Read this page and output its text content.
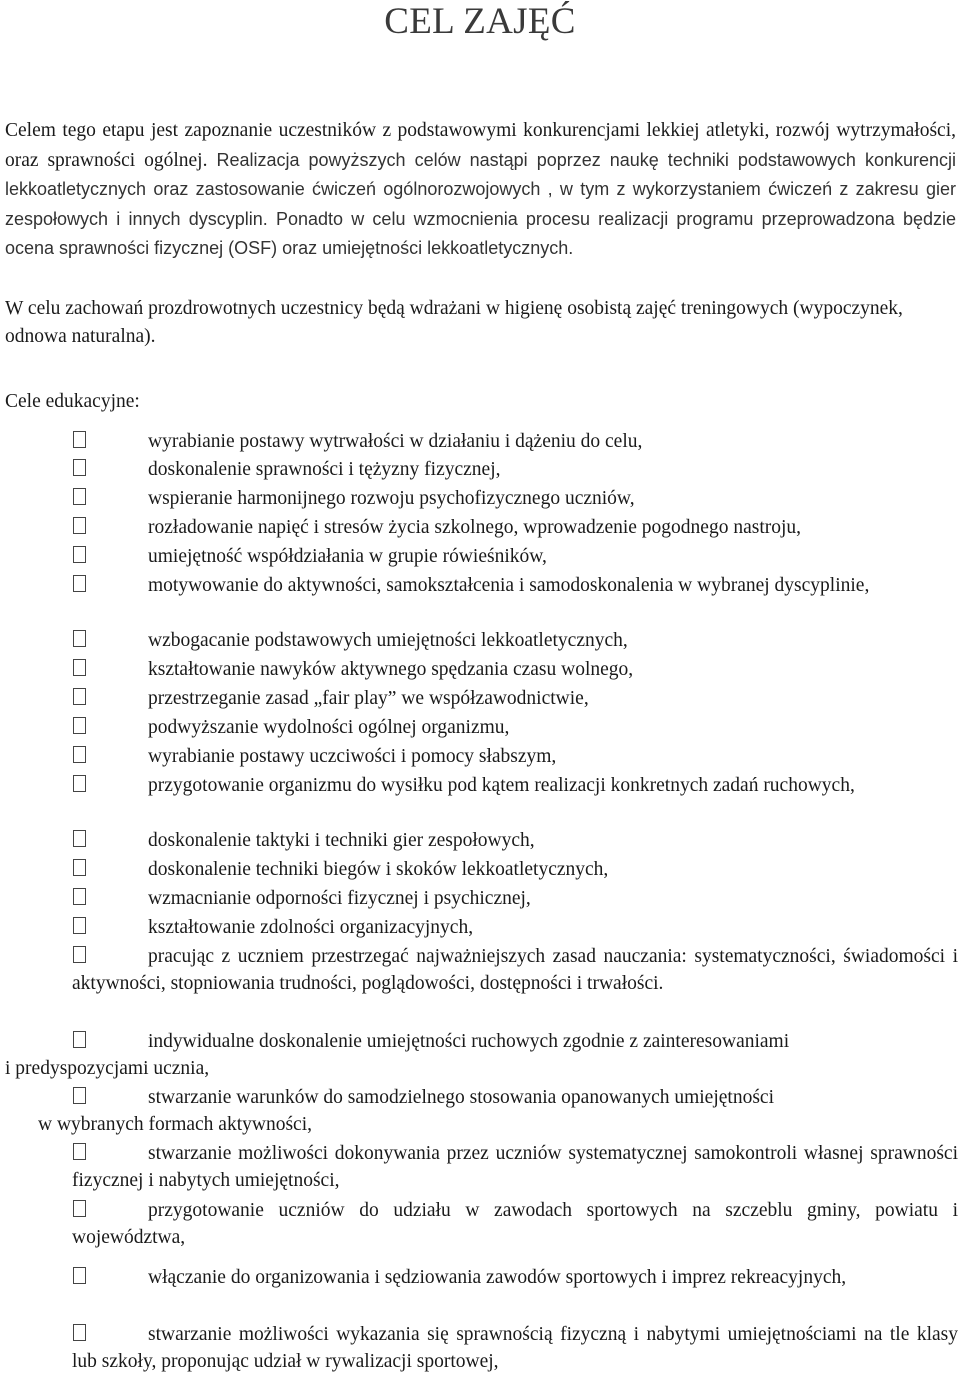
CEL ZAJĘĆ

Celem tego etapu jest zapoznanie uczestników z podstawowymi konkurencjami lekkiej atletyki, rozwój wytrzymałości, oraz sprawności ogólnej. Realizacja powyższych celów nastąpi poprzez naukę techniki podstawowych konkurencji lekkoatletycznych oraz zastosowanie ćwiczeń ogólnorozwojowych , w tym z wykorzystaniem ćwiczeń z zakresu gier zespołowych i innych dyscyplin. Ponadto w celu wzmocnienia procesu realizacji programu przeprowadzona będzie ocena sprawności fizycznej (OSF) oraz umiejętności lekkoatletycznych.

W celu zachowań prozdrowotnych uczestnicy będą wdrażani w higienę osobistą zajęć treningowych (wypoczynek, odnowa naturalna).

Cele edukacyjne:

wyrabianie postawy wytrwałości w działaniu i dążeniu do celu,
doskonalenie sprawności i tężyzny fizycznej,
wspieranie harmonijnego rozwoju psychofizycznego uczniów,
rozładowanie napięć i stresów życia szkolnego, wprowadzenie pogodnego nastroju,
umiejętność współdziałania w grupie rówieśników,
motywowanie do aktywności, samokształcenia i samodoskonalenia w wybranej dyscyplinie,
wzbogacanie podstawowych umiejętności lekkoatletycznych,
kształtowanie nawyków aktywnego spędzania czasu wolnego,
przestrzeganie zasad „fair play” we współzawodnictwie,
podwyższanie wydolności ogólnej organizmu,
wyrabianie postawy uczciwości i pomocy słabszym,
przygotowanie organizmu do wysiłku pod kątem realizacji konkretnych zadań ruchowych,
doskonalenie taktyki i techniki gier zespołowych,
doskonalenie techniki biegów i skoków lekkoatletycznych,
wzmacnianie odporności fizycznej i psychicznej,
kształtowanie zdolności organizacyjnych,
pracując z uczniem przestrzegać najważniejszych zasad nauczania: systematyczności, świadomości i aktywności, stopniowania trudności, poglądowości, dostępności i trwałości.
indywidualne doskonalenie umiejętności ruchowych zgodnie z zainteresowaniami
i predyspozycjami ucznia,
stwarzanie warunków do samodzielnego stosowania opanowanych umiejętności
w wybranych formach aktywności,
stwarzanie możliwości dokonywania przez uczniów systematycznej samokontroli własnej sprawności fizycznej i nabytych umiejętności,
przygotowanie uczniów do udziału w zawodach sportowych na szczeblu gminy, powiatu i województwa,
włączanie do organizowania i sędziowania zawodów sportowych i imprez rekreacyjnych,
stwarzanie możliwości wykazania się sprawnością fizyczną i nabytymi umiejętnościami na tle klasy lub szkoły, proponując udział w rywalizacji sportowej,
